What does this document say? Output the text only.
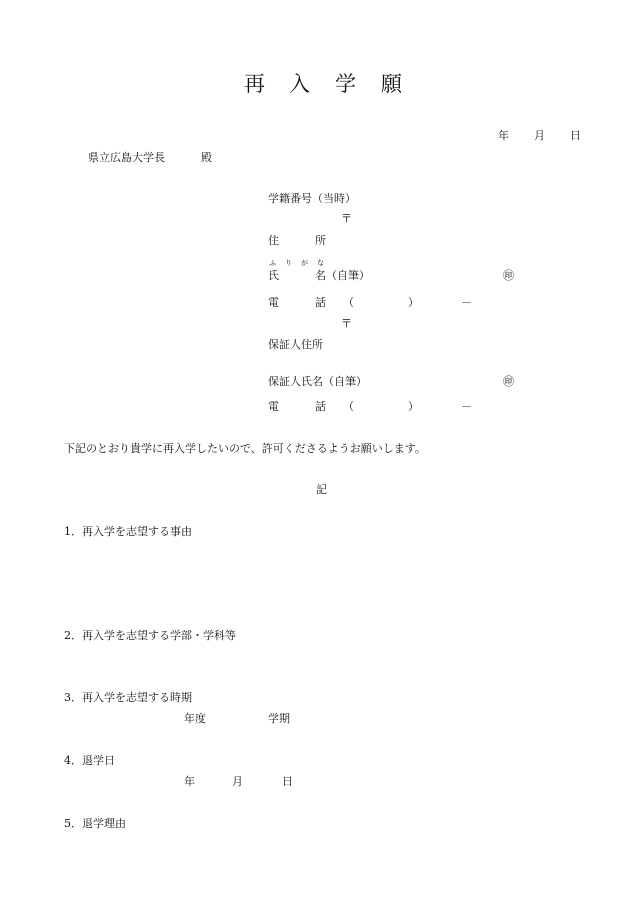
再 入 学 願
年 月 日
県立広島大学長	殿
学籍番号（当時）
〒
住	所
ふ り が な
氏	名（自筆）	㊞
電	話 （	）	－
〒
保証人住所
保証人氏名（自筆）	㊞
電	話 （	）	－
下記のとおり貴学に再入学したいので、許可くださるようお願いします。
記
1．再入学を志望する事由
2．再入学を志望する学部・学科等
3．再入学を志望する時期
年度	学期
4．退学日
年	月	日
5．退学理由
